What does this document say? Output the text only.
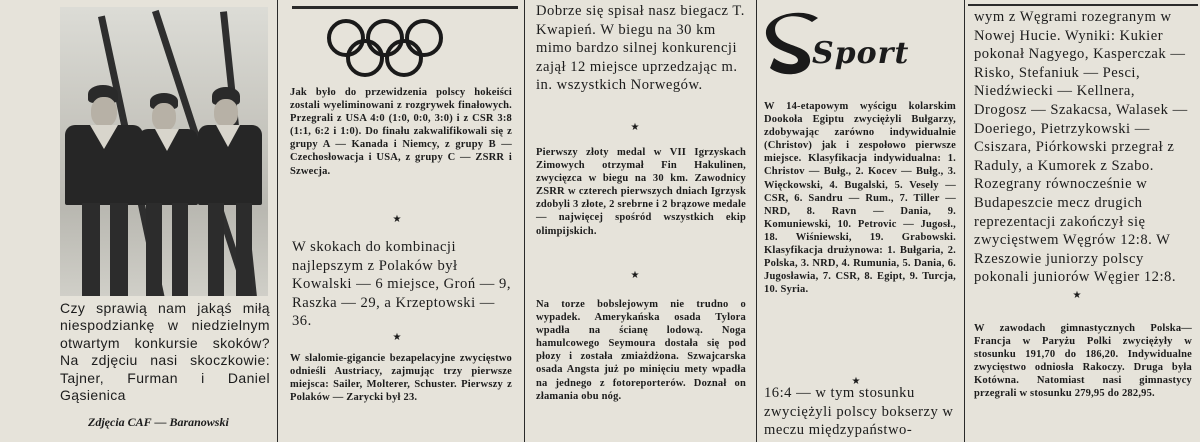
Czy sprawią nam jakąś miłą niespodziankę w niedzielnym otwartym konkursie skoków? Na zdjęciu nasi skoczkowie: Tajner, Furman i Daniel Gąsienica
Zdjęcia CAF — Baranowski

Jak było do przewidzenia polscy hokeiści zostali wyeliminowani z rozgrywek finałowych. Przegrali z USA 4:0 (1:0, 0:0, 3:0) i z CSR 3:8 (1:1, 6:2 i 1:0). Do finału zakwalifikowali się z grupy A — Kanada i Niemcy, z grupy B — Czechosłowacja i USA, z grupy C — ZSRR i Szwecja.

★

W skokach do kombinacji najlepszym z Polaków był Kowalski — 6 miejsce, Groń — 9, Raszka — 29, a Krzeptowski — 36.

★

W slalomie-gigancie bezapelacyjne zwycięstwo odnieśli Austriacy, zajmując trzy pierwsze miejsca: Sailer, Molterer, Schuster. Pierwszy z Polaków — Zarycki był 23.

Dobrze się spisał nasz biegacz T. Kwapień. W biegu na 30 km mimo bardzo silnej konkurencji zajął 12 miejsce uprzedzając m. in. wszystkich Norwegów.

★

Pierwszy złoty medal w VII Igrzyskach Zimowych otrzymał Fin Hakulinen, zwycięzca w biegu na 30 km. Zawodnicy ZSRR w czterech pierwszych dniach Igrzysk zdobyli 3 złote, 2 srebrne i 2 brązowe medale — najwięcej spośród wszystkich ekip olimpijskich.

★

Na torze bobslejowym nie trudno o wypadek. Amerykańska osada Tylora wpadła na ścianę lodową. Noga hamulcowego Seymoura dostała się pod płozy i została zmiażdżona. Szwajcarska osada Angsta już po minięciu mety wpadła na jednego z fotoreporterów. Doznał on złamania obu nóg.

Sport

W 14-etapowym wyścigu kolarskim Dookoła Egiptu zwyciężyli Bułgarzy, zdobywając zarówno indywidualnie (Christov) jak i zespołowo pierwsze miejsce. Klasyfikacja indywidualna: 1. Christov — Bułg., 2. Kocev — Bułg., 3. Więckowski, 4. Bugalski, 5. Vesely — CSR, 6. Sandru — Rum., 7. Tiller — NRD, 8. Ravn — Dania, 9. Komuniewski, 10. Petrovic — Jugosł., 18. Wiśniewski, 19. Grabowski. Klasyfikacja drużynowa: 1. Bułgaria, 2. Polska, 3. NRD, 4. Rumunia, 5. Dania, 6. Jugosławia, 7. CSR, 8. Egipt, 9. Turcja, 10. Syria.

★

16:4 — w tym stosunku zwyciężyli polscy bokserzy w meczu międzypaństwo-

wym z Węgrami rozegranym w Nowej Hucie. Wyniki: Kukier pokonał Nagyego, Kasperczak — Risko, Stefaniuk — Pesci, Niedźwiecki — Kellnera, Drogosz — Szakacsa, Walasek — Doeriego, Pietrzykowski — Csiszara, Piórkowski przegrał z Raduly, a Kumorek z Szabo. Rozegrany równocześnie w Budapeszcie mecz drugich reprezentacji zakończył się zwycięstwem Węgrów 12:8. W Rzeszowie juniorzy polscy pokonali juniorów Węgier 12:8.

★

W zawodach gimnastycznych Polska—Francja w Paryżu Polki zwyciężyły w stosunku 191,70 do 186,20. Indywidualne zwycięstwo odniosła Rakoczy. Druga była Kotówna. Natomiast nasi gimnastycy przegrali w stosunku 279,95 do 282,95.
